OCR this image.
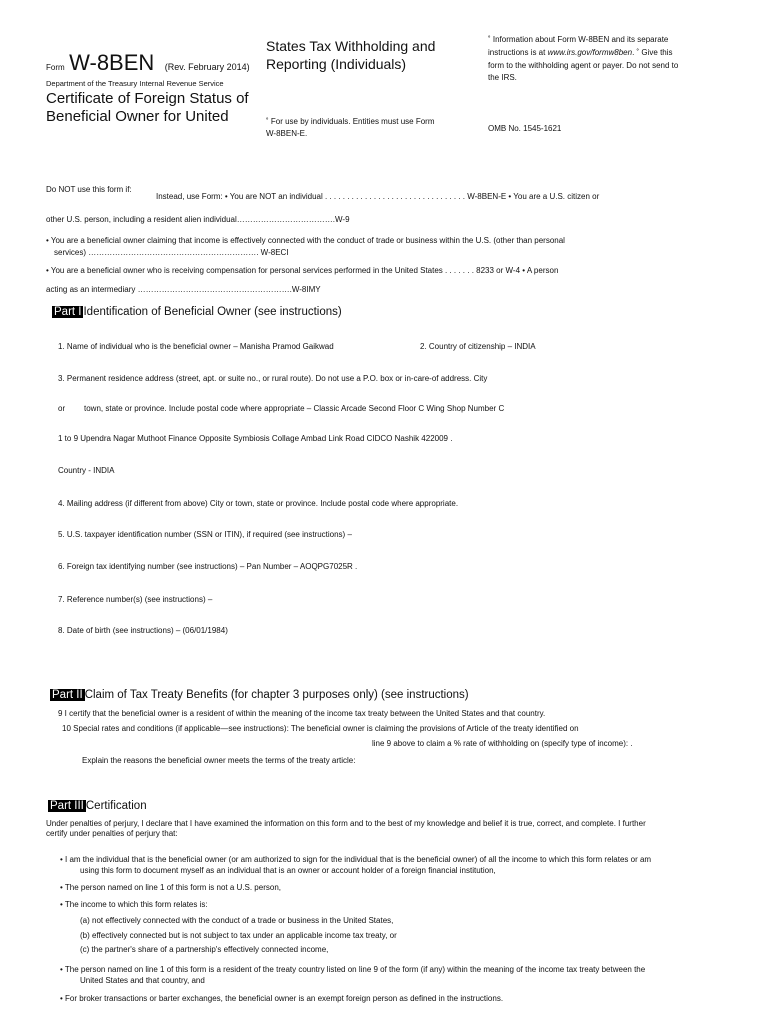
Form W-8BEN (Rev. February 2014)
Department of the Treasury Internal Revenue Service
Certificate of Foreign Status of
Beneficial Owner for United
States Tax Withholding and
Reporting (Individuals)
˚ For use by individuals. Entities must use Form
W-8BEN-E.
˚ Information about Form W-8BEN and its separate
instructions is at www.irs.gov/formw8ben. ˚ Give this
form to the withholding agent or payer. Do not send to
the IRS.
OMB No. 1545-1621
Do NOT use this form if:
Instead, use Form: • You are NOT an individual . . . . . . . . . . . . . . . . . . . . . . . . . . . . . . . . W-8BEN-E • You are a U.S. citizen or
other U.S. person, including a resident alien individual……………………………….W-9
• You are a beneficial owner claiming that income is effectively connected with the conduct of trade or business within the U.S. (other than personal
services) ………………………………………………………. W-8ECI
• You are a beneficial owner who is receiving compensation for personal services performed in the United States . . . . . . . 8233 or W-4 • A person
acting as an intermediary ………………………………………………….W-8IMY
Part I Identification of Beneficial Owner (see instructions)
1. Name of individual who is the beneficial owner – Manisha Pramod Gaikwad	2. Country of citizenship – INDIA
3. Permanent residence address (street, apt. or suite no., or rural route). Do not use a P.O. box or in-care-of address. City
or town, state or province. Include postal code where appropriate – Classic Arcade Second Floor C Wing Shop Number C
1 to 9 Upendra Nagar Muthoot Finance Opposite Symbiosis Collage Ambad Link Road CIDCO Nashik 422009 .
Country - INDIA
4. Mailing address (if different from above) City or town, state or province. Include postal code where appropriate.
5. U.S. taxpayer identification number (SSN or ITIN), if required (see instructions) –
6. Foreign tax identifying number (see instructions) – Pan Number – AOQPG7025R .
7. Reference number(s) (see instructions) –
8. Date of birth (see instructions) – (06/01/1984)
Part II Claim of Tax Treaty Benefits (for chapter 3 purposes only) (see instructions)
9 I certify that the beneficial owner is a resident of within the meaning of the income tax treaty between the United States and that country.
10 Special rates and conditions (if applicable—see instructions): The beneficial owner is claiming the provisions of Article of the treaty identified on
line 9 above to claim a % rate of withholding on (specify type of income): .
Explain the reasons the beneficial owner meets the terms of the treaty article:
Part III Certification
Under penalties of perjury, I declare that I have examined the information on this form and to the best of my knowledge and belief it is true, correct, and complete. I further
certify under penalties of perjury that:
• I am the individual that is the beneficial owner (or am authorized to sign for the individual that is the beneficial owner) of all the income to which this form relates or am
using this form to document myself as an individual that is an owner or account holder of a foreign financial institution,
• The person named on line 1 of this form is not a U.S. person,
• The income to which this form relates is:
(a) not effectively connected with the conduct of a trade or business in the United States,
(b) effectively connected but is not subject to tax under an applicable income tax treaty, or
(c) the partner's share of a partnership's effectively connected income,
• The person named on line 1 of this form is a resident of the treaty country listed on line 9 of the form (if any) within the meaning of the income tax treaty between the
United States and that country, and
• For broker transactions or barter exchanges, the beneficial owner is an exempt foreign person as defined in the instructions.
